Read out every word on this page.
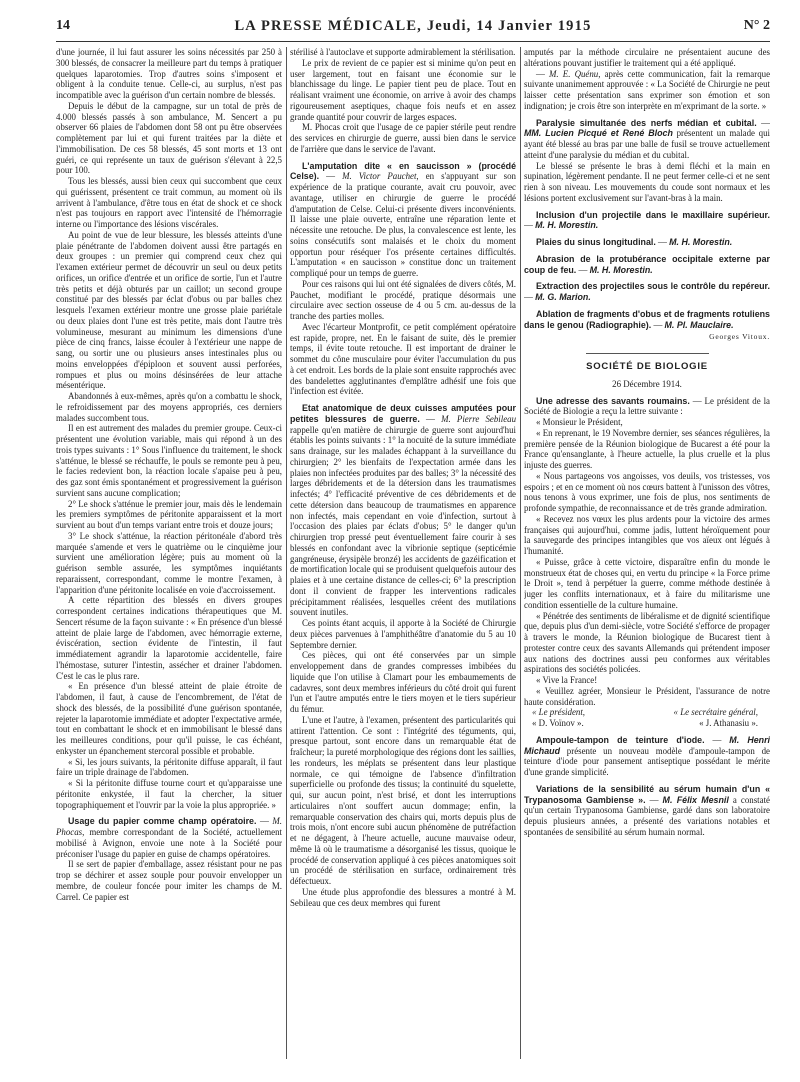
14	LA PRESSE MÉDICALE, Jeudi, 14 Janvier 1915	N° 2

d'une journée, il lui faut assurer les soins nécessités par 250 à 300 blessés, de consacrer la meilleure part du temps à pratiquer quelques laparotomies. Trop d'autres soins s'imposent et obligent à la conduite tenue. Celle-ci, au surplus, n'est pas incompatible avec la guérison d'un certain nombre de blessés.

Depuis le début de la campagne, sur un total de près de 4.000 blessés passés à son ambulance, M. Sencert a pu observer 66 plaies de l'abdomen dont 58 ont pu être observées complètement par lui et qui furent traitées par la diète et l'immobilisation. De ces 58 blessés, 45 sont morts et 13 ont guéri, ce qui représente un taux de guérison s'élevant à 22,5 pour 100.

Tous les blessés, aussi bien ceux qui succombent que ceux qui guérissent, présentent ce trait commun, au moment où ils arrivent à l'ambulance, d'être tous en état de shock et ce shock n'est pas toujours en rapport avec l'intensité de l'hémorragie interne ou l'importance des lésions viscérales.

Au point de vue de leur blessure, les blessés atteints d'une plaie pénétrante de l'abdomen doivent aussi être partagés en deux groupes : un premier qui comprend ceux chez qui l'examen extérieur permet de découvrir un seul ou deux petits orifices, un orifice d'entrée et un orifice de sortie, l'un et l'autre très petits et déjà obturés par un caillot; un second groupe constitué par des blessés par éclat d'obus ou par balles chez lesquels l'examen extérieur montre une grosse plaie pariétale ou deux plaies dont l'une est très petite, mais dont l'autre très volumineuse, mesurant au minimum les dimensions d'une pièce de cinq francs, laisse écouler à l'extérieur une nappe de sang, ou sortir une ou plusieurs anses intestinales plus ou moins enveloppées d'épiploon et souvent aussi perforées, rompues et plus ou moins désinsérées de leur attache mésentérique.

Abandonnés à eux-mêmes, après qu'on a combattu le shock, le refroidissement par des moyens appropriés, ces derniers malades succombent tous.

Il en est autrement des malades du premier groupe. Ceux-ci présentent une évolution variable, mais qui répond à un des trois types suivants : 1° Sous l'influence du traitement, le shock s'atténue, le blessé se réchauffe, le pouls se remonte peu à peu, le facies redevient bon, la réaction locale s'apaise peu à peu, des gaz sont émis spontanément et progressivement la guérison survient sans aucune complication;

2° Le shock s'atténue le premier jour, mais dès le lendemain les premiers symptômes de péritonite apparaissent et la mort survient au bout d'un temps variant entre trois et douze jours;

3° Le shock s'atténue, la réaction péritonéale d'abord très marquée s'amende et vers le quatrième ou le cinquième jour survient une amélioration légère; puis au moment où la guérison semble assurée, les symptômes inquiétants reparaissent, correspondant, comme le montre l'examen, à l'apparition d'une péritonite localisée en voie d'accroissement.

A cette répartition des blessés en divers groupes correspondent certaines indications thérapeutiques que M. Sencert résume de la façon suivante : « En présence d'un blessé atteint de plaie large de l'abdomen, avec hémorragie externe, éviscération, section évidente de l'intestin, il faut immédiatement agrandir la laparotomie accidentelle, faire l'hémostase, suturer l'intestin, assécher et drainer l'abdomen. C'est le cas le plus rare.

« En présence d'un blessé atteint de plaie étroite de l'abdomen, il faut, à cause de l'encombrement, de l'état de shock des blessés, de la possibilité d'une guérison spontanée, rejeter la laparotomie immédiate et adopter l'expectative armée, tout en combattant le shock et en immobilisant le blessé dans les meilleures conditions, pour qu'il puisse, le cas échéant, enkyster un épanchement stercoral possible et probable.

« Si, les jours suivants, la péritonite diffuse apparaît, il faut faire un triple drainage de l'abdomen.

« Si la péritonite diffuse tourne court et qu'apparaisse une péritonite enkystée, il faut la chercher, la situer topographiquement et l'ouvrir par la voie la plus appropriée. »

Usage du papier comme champ opératoire. — M. Phocas, membre correspondant de la Société, actuellement mobilisé à Avignon, envoie une note à la Société pour préconiser l'usage du papier en guise de champs opératoires.

Il se sert de papier d'emballage, assez résistant pour ne pas trop se déchirer et assez souple pour pouvoir envelopper un membre, de couleur foncée pour imiter les champs de M. Carrel. Ce papier est

stérilisé à l'autoclave et supporte admirablement la stérilisation.

Le prix de revient de ce papier est si minime qu'on peut en user largement, tout en faisant une économie sur le blanchissage du linge. Le papier tient peu de place. Tout en réalisant vraiment une économie, on arrive à avoir des champs rigoureusement aseptiques, chaque fois neufs et en assez grande quantité pour couvrir de larges espaces.

M. Phocas croit que l'usage de ce papier stérile peut rendre des services en chirurgie de guerre, aussi bien dans le service de l'arrière que dans le service de l'avant.

L'amputation dite « en saucisson » (procédé Celse). — M. Victor Pauchet, en s'appuyant sur son expérience de la pratique courante, avait cru pouvoir, avec avantage, utiliser en chirurgie de guerre le procédé d'amputation de Celse. Celui-ci présente divers inconvénients. Il laisse une plaie ouverte, entraîne une réparation lente et nécessite une retouche. De plus, la convalescence est lente, les soins consécutifs sont malaisés et le choix du moment opportun pour réséquer l'os présente certaines difficultés. L'amputation « en saucisson » constitue donc un traitement compliqué pour un temps de guerre.

Pour ces raisons qui lui ont été signalées de divers côtés, M. Pauchet, modifiant le procédé, pratique désormais une circulaire avec section osseuse de 4 ou 5 cm. au-dessus de la tranche des parties molles.

Avec l'écarteur Montprofit, ce petit complément opératoire est rapide, propre, net. En le faisant de suite, dès le premier temps, il évite toute retouche. Il est important de drainer le sommet du cône musculaire pour éviter l'accumulation du pus à cet endroit. Les bords de la plaie sont ensuite rapprochés avec des bandelettes agglutinantes d'emplâtre adhésif une fois que l'infection est évitée.

Etat anatomique de deux cuisses amputées pour petites blessures de guerre. — M. Pierre Sebileau rappelle qu'en matière de chirurgie de guerre sont aujourd'hui établis les points suivants : 1° la nocuité de la suture immédiate sans drainage, sur les malades échappant à la surveillance du chirurgien; 2° les bienfaits de l'expectation armée dans les plaies non infectées produites par des balles; 3° la nécessité des larges débridements et de la détersion dans les traumatismes infectés; 4° l'efficacité préventive de ces débridements et de cette détersion dans beaucoup de traumatismes en apparence non infectés, mais cependant en voie d'infection, surtout à l'occasion des plaies par éclats d'obus; 5° le danger qu'un chirurgien trop pressé peut éventuellement faire courir à ses blessés en confondant avec la vibrionie septique (septicémie gangréneuse, érysipèle bronzé) les accidents de gazéification et de mortification locale qui se produisent quelquefois autour des plaies et à une certaine distance de celles-ci; 6° la prescription dont il convient de frapper les interventions radicales précipitamment réalisées, lesquelles créent des mutilations souvent inutiles.

Ces points étant acquis, il apporte à la Société de Chirurgie deux pièces parvenues à l'amphithéâtre d'anatomie du 5 au 10 Septembre dernier.

Ces pièces, qui ont été conservées par un simple enveloppement dans de grandes compresses imbibées du liquide que l'on utilise à Clamart pour les embaumements de cadavres, sont deux membres inférieurs du côté droit qui furent l'un et l'autre amputés entre le tiers moyen et le tiers supérieur du fémur.

L'une et l'autre, à l'examen, présentent des particularités qui attirent l'attention. Ce sont : l'intégrité des téguments, qui, presque partout, sont encore dans un remarquable état de fraîcheur; la pureté morphologique des régions dont les saillies, les rondeurs, les méplats se présentent dans leur plastique normale, ce qui témoigne de l'absence d'infiltration superficielle ou profonde des tissus; la continuité du squelette, qui, sur aucun point, n'est brisé, et dont les interruptions articulaires n'ont souffert aucun dommage; enfin, la remarquable conservation des chairs qui, morts depuis plus de trois mois, n'ont encore subi aucun phénomène de putréfaction et ne dégagent, à l'heure actuelle, aucune mauvaise odeur, même là où le traumatisme a désorganisé les tissus, quoique le procédé de conservation appliqué à ces pièces anatomiques soit un procédé de stérilisation en surface, ordinairement très défectueux.

Une étude plus approfondie des blessures a montré à M. Sebileau que ces deux membres qui furent

amputés par la méthode circulaire ne présentaient aucune des altérations pouvant justifier le traitement qui a été appliqué.

— M. E. Quénu, après cette communication, fait la remarque suivante unanimement approuvée : « La Société de Chirurgie ne peut laisser cette présentation sans exprimer son émotion et son indignation; je crois être son interprète en m'exprimant de la sorte. »

Paralysie simultanée des nerfs médian et cubital. — MM. Lucien Picqué et René Bloch présentent un malade qui ayant été blessé au bras par une balle de fusil se trouve actuellement atteint d'une paralysie du médian et du cubital.

Le blessé se présente le bras à demi fléchi et la main en supination, légèrement pendante. Il ne peut fermer celle-ci et ne sent rien à son niveau. Les mouvements du coude sont normaux et les lésions portent exclusivement sur l'avant-bras à la main.

Inclusion d'un projectile dans le maxillaire supérieur. — M. H. Morestin.

Plaies du sinus longitudinal. — M. H. Morestin.

Abrasion de la protubérance occipitale externe par coup de feu. — M. H. Morestin.

Extraction des projectiles sous le contrôle du repéreur. — M. G. Marion.

Ablation de fragments d'obus et de fragments rotuliens dans le genou (Radiographie). — M. Pl. Mauclaire.

Georges Vitoux.
SOCIÉTÉ DE BIOLOGIE
26 Décembre 1914.

Une adresse des savants roumains. — Le président de la Société de Biologie a reçu la lettre suivante :

« Monsieur le Président,

« En reprenant, le 19 Novembre dernier, ses séances régulières, la première pensée de la Réunion biologique de Bucarest a été pour la France qu'ensanglante, à l'heure actuelle, la plus cruelle et la plus injuste des guerres.

« Nous partageons vos angoisses, vos deuils, vos tristesses, vos espoirs ; et en ce moment où nos cœurs battent à l'unisson des vôtres, nous tenons à vous exprimer, une fois de plus, nos sentiments de profonde sympathie, de reconnaissance et de très grande admiration.

« Recevez nos vœux les plus ardents pour la victoire des armes françaises qui aujourd'hui, comme jadis, luttent héroïquement pour la sauvegarde des principes intangibles que vos aïeux ont légués à l'humanité.

« Puisse, grâce à cette victoire, disparaître enfin du monde le monstrueux état de choses qui, en vertu du principe « la Force prime le Droit », tend à perpétuer la guerre, comme méthode destinée à juger les conflits internationaux, et à faire du militarisme une condition essentielle de la culture humaine.

« Pénétrée des sentiments de libéralisme et de dignité scientifique que, depuis plus d'un demi-siècle, votre Société s'efforce de propager à travers le monde, la Réunion biologique de Bucarest tient à protester contre ceux des savants Allemands qui prétendent imposer aux nations des doctrines aussi peu conformes aux véritables aspirations des sociétés policées.

« Vive la France!

« Veuillez agréer, Monsieur le Président, l'assurance de notre haute considération.

« Le président,	« Le secrétaire général,
« D. Voïnov ».	« J. Athanasiu ».

Ampoule-tampon de teinture d'iode. — M. Henri Michaud présente un nouveau modèle d'ampoule-tampon de teinture d'iode pour pansement antiseptique possédant le mérite d'une grande simplicité.

Variations de la sensibilité au sérum humain d'un « Trypanosoma Gambiense ». — M. Félix Mesnil a constaté qu'un certain Trypanosoma Gambiense, gardé dans son laboratoire depuis plusieurs années, a présenté des variations notables et spontanées de sensibilité au sérum humain normal.
